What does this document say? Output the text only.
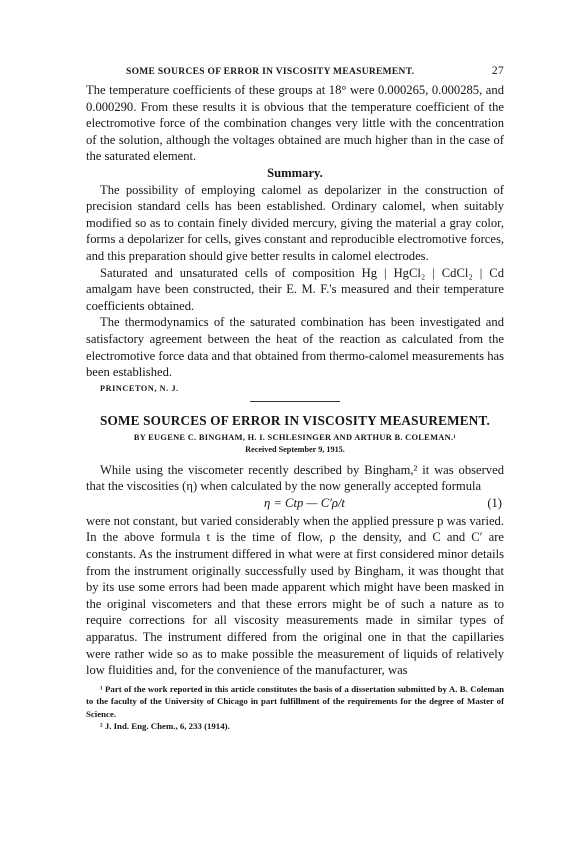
SOME SOURCES OF ERROR IN VISCOSITY MEASUREMENT.	27

The temperature coefficients of these groups at 18° were 0.000265, 0.000285, and 0.000290. From these results it is obvious that the temperature coefficient of the electromotive force of the combination changes very little with the concentration of the solution, although the voltages obtained are much higher than in the case of the saturated element.

Summary.

The possibility of employing calomel as depolarizer in the construction of precision standard cells has been established. Ordinary calomel, when suitably modified so as to contain finely divided mercury, giving the material a gray color, forms a depolarizer for cells, gives constant and reproducible electromotive forces, and this preparation should give better results in calomel electrodes.

Saturated and unsaturated cells of composition Hg | HgCl₂ | CdCl₂ | Cd amalgam have been constructed, their E. M. F.'s measured and their temperature coefficients obtained.

The thermodynamics of the saturated combination has been investigated and satisfactory agreement between the heat of the reaction as calculated from the electromotive force data and that obtained from thermo-calomel measurements has been established.

PRINCETON, N. J.
SOME SOURCES OF ERROR IN VISCOSITY MEASUREMENT.
BY EUGENE C. BINGHAM, H. I. SCHLESINGER AND ARTHUR B. COLEMAN.¹
Received September 9, 1915.

While using the viscometer recently described by Bingham,² it was observed that the viscosities (η) when calculated by the now generally accepted formula

η = Ctp — C′ρ/t	(1)

were not constant, but varied considerably when the applied pressure p was varied. In the above formula t is the time of flow, ρ the density, and C and C′ are constants. As the instrument differed in what were at first considered minor details from the instrument originally successfully used by Bingham, it was thought that by its use some errors had been made apparent which might have been masked in the original viscometers and that these errors might be of such a nature as to require corrections for all viscosity measurements made in similar types of apparatus. The instrument differed from the original one in that the capillaries were rather wide so as to make possible the measurement of liquids of relatively low fluidities and, for the convenience of the manufacturer, was

¹ Part of the work reported in this article constitutes the basis of a dissertation submitted by A. B. Coleman to the faculty of the University of Chicago in part fulfillment of the requirements for the degree of Master of Science.

² J. Ind. Eng. Chem., 6, 233 (1914).
